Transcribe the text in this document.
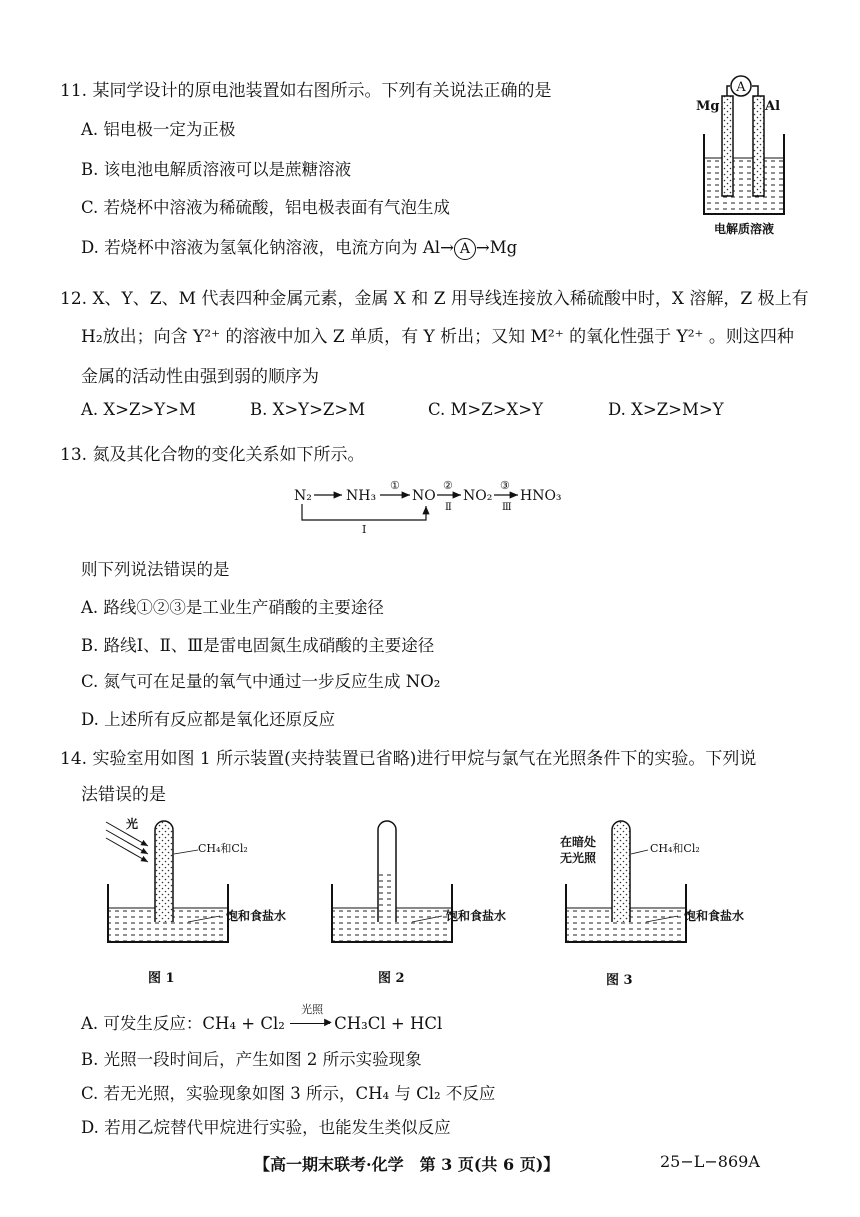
11. 某同学设计的原电池装置如右图所示。下列有关说法正确的是
A. 铝电极一定为正极
B. 该电池电解质溶液可以是蔗糖溶液
C. 若烧杯中溶液为稀硫酸，铝电极表面有气泡生成
D. 若烧杯中溶液为氢氧化钠溶液，电流方向为 Al→ A →Mg
A
Mg	Al
电解质溶液
12. X、Y、Z、M 代表四种金属元素，金属 X 和 Z 用导线连接放入稀硫酸中时，X 溶解，Z 极上有
H₂放出；向含 Y²⁺ 的溶液中加入 Z 单质，有 Y 析出；又知 M²⁺ 的氧化性强于 Y²⁺ 。则这四种
金属的活动性由强到弱的顺序为
A. X>Z>Y>M	B. X>Y>Z>M	C. M>Z>X>Y	D. X>Z>M>Y
13. 氮及其化合物的变化关系如下所示。
N₂ NH₃
①
NO
②
Ⅱ
NO₂
③
Ⅲ
HNO₃
Ⅰ
则下列说法错误的是
A. 路线①②③是工业生产硝酸的主要途径
B. 路线Ⅰ、Ⅱ、Ⅲ是雷电固氮生成硝酸的主要途径
C. 氮气可在足量的氧气中通过一步反应生成 NO₂
D. 上述所有反应都是氧化还原反应
14. 实验室用如图 1 所示装置(夹持装置已省略)进行甲烷与氯气在光照条件下的实验。下列说
法错误的是
光
CH₄和Cl₂
饱和食盐水
图 1
饱和食盐水
图 2
在暗处
无光照
CH₄和Cl₂
饱和食盐水
图 3
A. 可发生反应：CH₄ + Cl₂
光照
▶ CH₃Cl + HCl
B. 光照一段时间后，产生如图 2 所示实验现象
C. 若无光照，实验现象如图 3 所示，CH₄ 与 Cl₂ 不反应
D. 若用乙烷替代甲烷进行实验，也能发生类似反应
【高一期末联考·化学　第 3 页(共 6 页)】	25−L−869A
